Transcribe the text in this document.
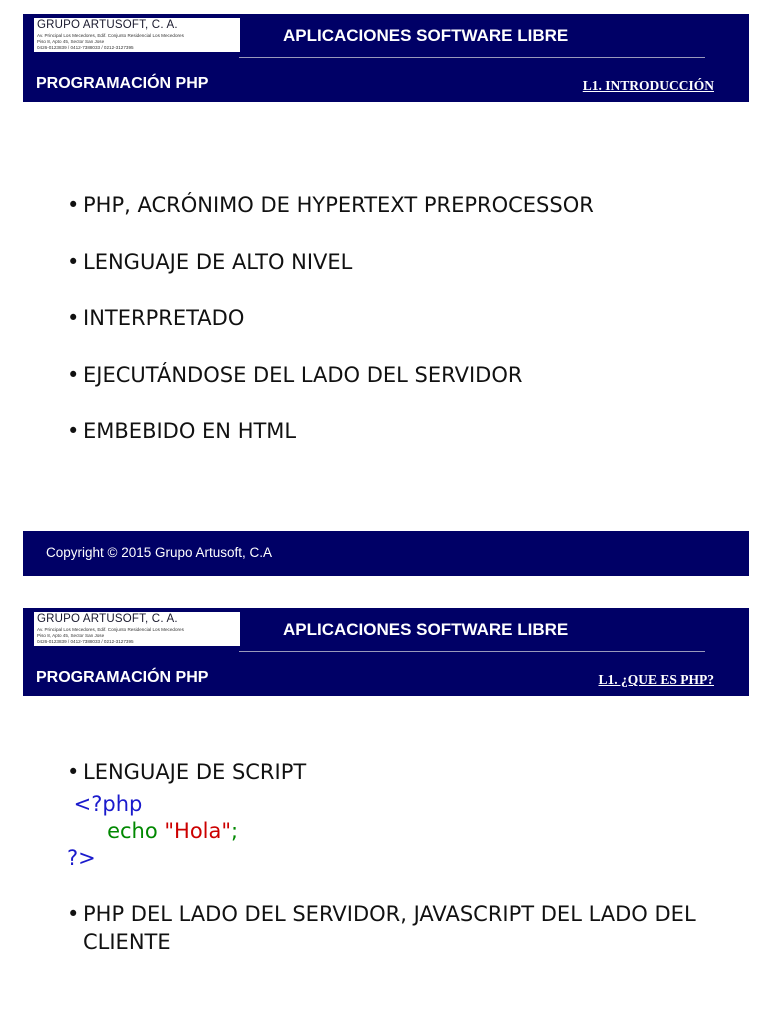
GRUPO ARTUSOFT, C. A.
Av. Principal Los Mecedores, Edif. Conjunto Residencial Los Mecedores
Piso 8, Apto 45, Sector San Jose
0426-0123839 / 0412-7388033 / 0212-3127395
APLICACIONES SOFTWARE LIBRE
PROGRAMACIÓN PHP	L1. INTRODUCCIÓN
• PHP, ACRÓNIMO DE HYPERTEXT PREPROCESSOR
• LENGUAJE DE ALTO NIVEL
• INTERPRETADO
• EJECUTÁNDOSE DEL LADO DEL SERVIDOR
• EMBEBIDO EN HTML
Copyright © 2015 Grupo Artusoft, C.A
GRUPO ARTUSOFT, C. A.
Av. Principal Los Mecedores, Edif. Conjunto Residencial Los Mecedores
Piso 8, Apto 45, Sector San Jose
0426-0123839 / 0412-7388033 / 0212-3127395
APLICACIONES SOFTWARE LIBRE
PROGRAMACIÓN PHP	L1. ¿QUE ES PHP?
• LENGUAJE DE SCRIPT
<?php
echo "Hola";
?>
• PHP DEL LADO DEL SERVIDOR, JAVASCRIPT DEL LADO DEL CLIENTE
